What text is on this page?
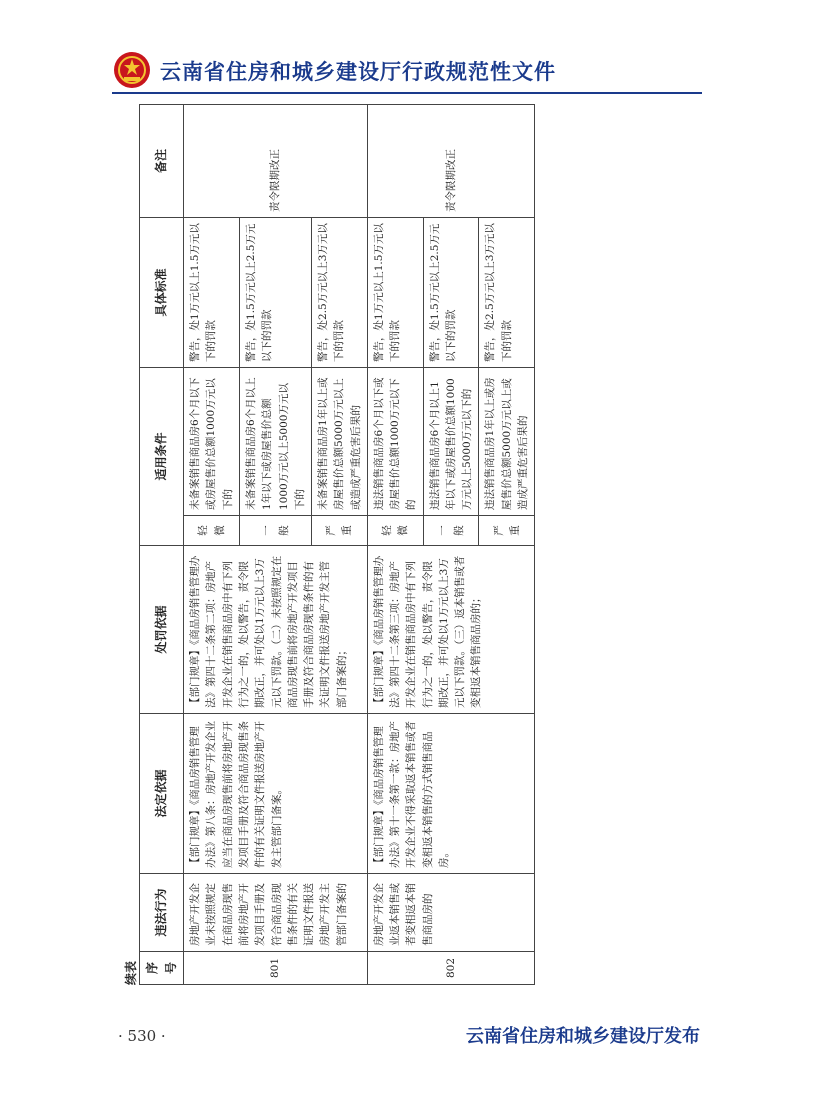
云南省住房和城乡建设厅行政规范性文件
续表 序号	违法行为	法定依据	处罚依据	适用条件		具体标准	备注
801	房地产开发企业未按照规定在商品房现售前将房地产开发项目手册及符合商品房现售条件的有关证明文件报送房地产开发主管部门备案的	【部门规章】《商品房销售管理办法》第八条：房地产开发企业应当在商品房现售前将房地产开发项目手册及符合商品房现售条件的有关证明文件报送房地产开发主管部门备案。	【部门规章】《商品房销售管理办法》第四十二条第二项：房地产开发企业在销售商品房中有下列行为之一的，处以警告，责令限期改正，并可处以1万元以上3万元以下罚款。（二）未按照规定在商品房现售前将房地产开发项目手册及符合商品房现售条件的有关证明文件报送房地产开发主管部门备案的；	轻微	未备案销售商品房6个月以下或房屋售价总额1000万元以下的	警告，处1万元以上1.5万元以下的罚款	责令限期改正
				一般	未备案销售商品房6个月以上1年以下或房屋售价总额1000万元以上5000万元以下的	警告，处1.5万元以上2.5万元以下的罚款	
				严重	未备案销售商品房1年以上或房屋售价总额5000万元以上或造成严重危害后果的	警告，处2.5万元以上3万元以下的罚款	
802	房地产开发企业返本销售或者变相返本销售商品房的	【部门规章】《商品房销售管理办法》第十一条第一款：房地产开发企业不得采取返本销售或者变相返本销售的方式销售商品房。	【部门规章】《商品房销售管理办法》第四十二条第三项：房地产开发企业在销售商品房中有下列行为之一的，处以警告，责令限期改正，并可处以1万元以上3万元以下罚款。（三）返本销售或者变相返本销售商品房的；	轻微	违法销售商品房6个月以下或房屋售价总额1000万元以下的	警告，处1万元以上1.5万元以下的罚款	责令限期改正
				一般	违法销售商品房6个月以上1年以下或房屋售价总额1000万元以上5000万元以下的	警告，处1.5万元以上2.5万元以下的罚款	
				严重	违法销售商品房1年以上或房屋售价总额5000万元以上或造成严重危害后果的	警告，处2.5万元以上3万元以下的罚款	
· 530 ·	云南省住房和城乡建设厅发布
